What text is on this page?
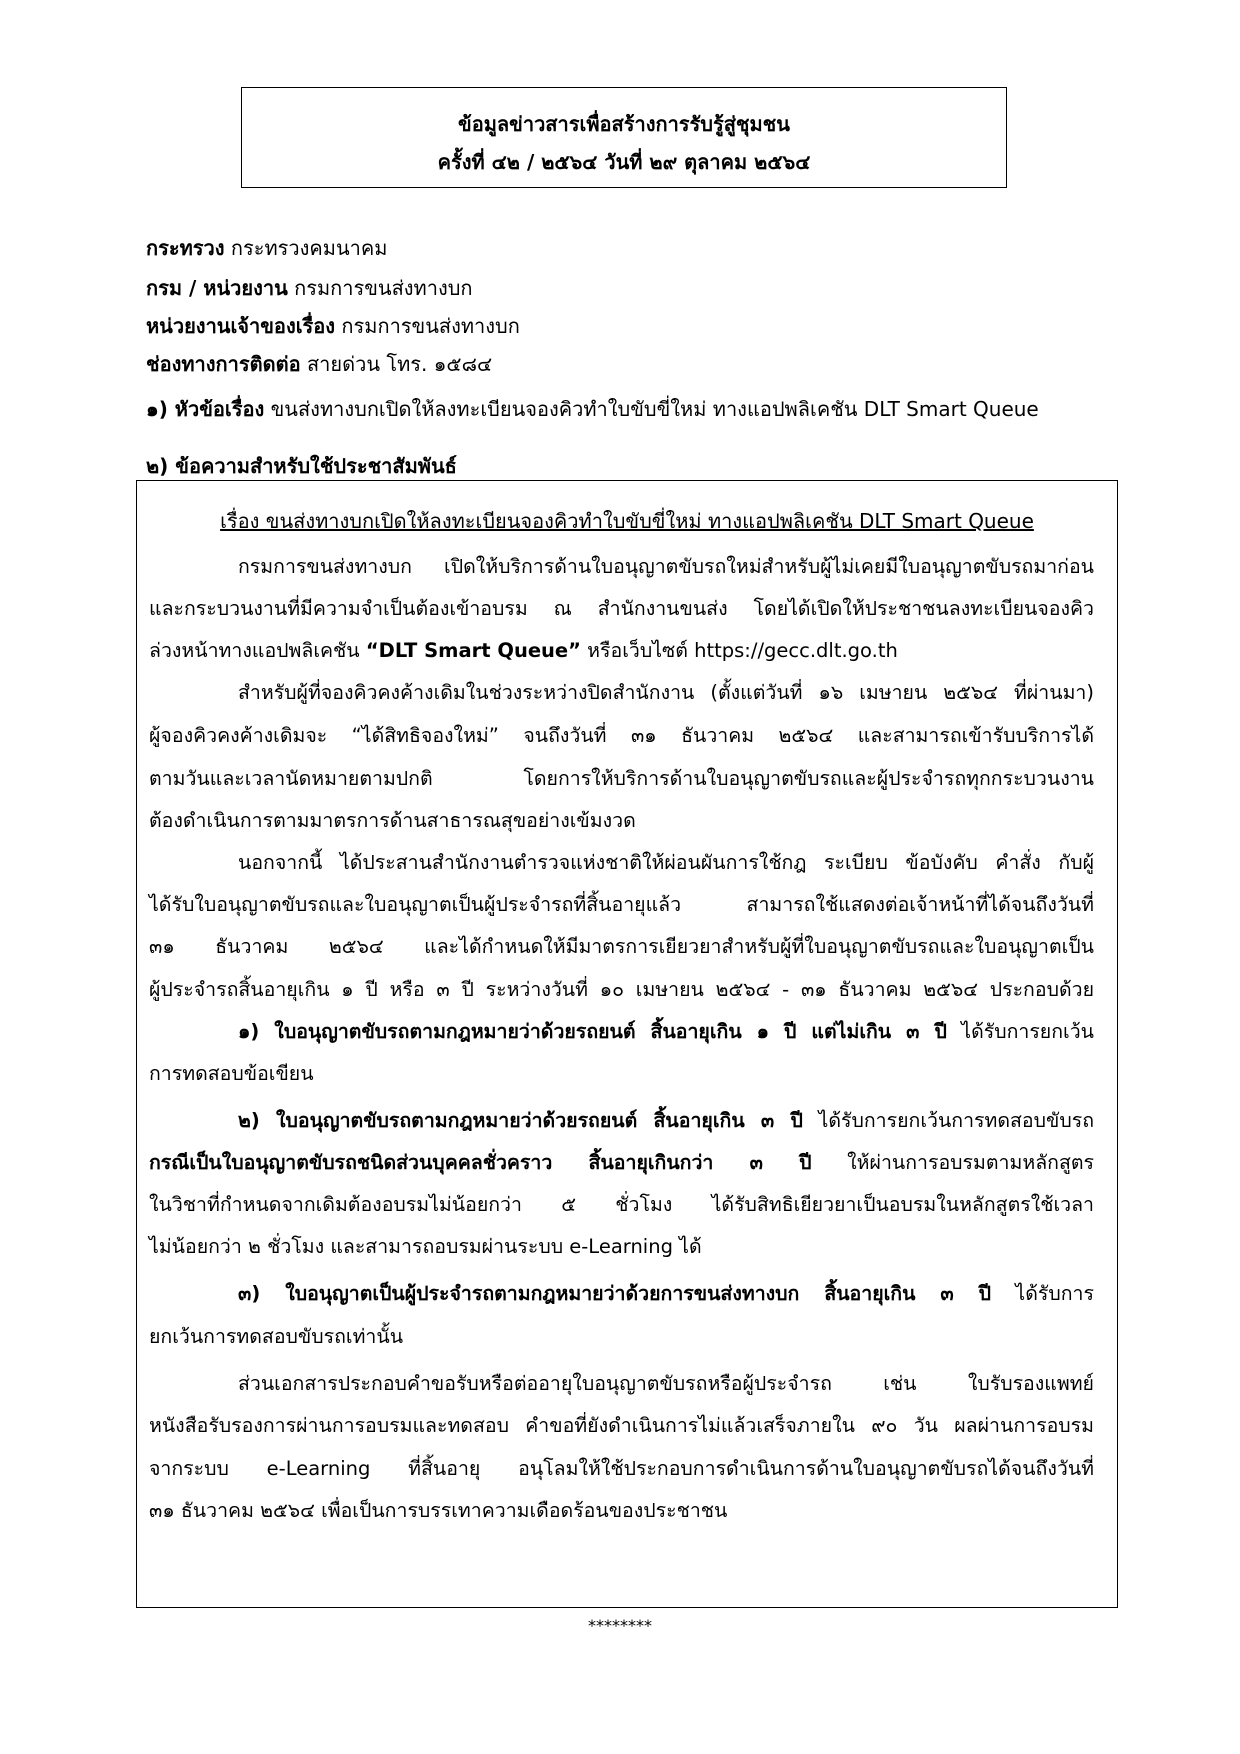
ข้อมูลข่าวสารเพื่อสร้างการรับรู้สู่ชุมชน
ครั้งที่ ๔๒ / ๒๕๖๔ วันที่ ๒๙ ตุลาคม ๒๕๖๔
กระทรวง กระทรวงคมนาคม
กรม / หน่วยงาน กรมการขนส่งทางบก
หน่วยงานเจ้าของเรื่อง กรมการขนส่งทางบก
ช่องทางการติดต่อ สายด่วน โทร. ๑๕๘๔
๑) หัวข้อเรื่อง ขนส่งทางบกเปิดให้ลงทะเบียนจองคิวทำใบขับขี่ใหม่ ทางแอปพลิเคชัน DLT Smart Queue
๒) ข้อความสำหรับใช้ประชาสัมพันธ์
เรื่อง ขนส่งทางบกเปิดให้ลงทะเบียนจองคิวทำใบขับขี่ใหม่ ทางแอปพลิเคชัน DLT Smart Queue
กรมการขนส่งทางบก เปิดให้บริการด้านใบอนุญาตขับรถใหม่สำหรับผู้ไม่เคยมีใบอนุญาตขับรถมาก่อน
และกระบวนงานที่มีความจำเป็นต้องเข้าอบรม ณ สำนักงานขนส่ง โดยได้เปิดให้ประชาชนลงทะเบียนจองคิว
ล่วงหน้าทางแอปพลิเคชัน “DLT Smart Queue” หรือเว็บไซต์ https://gecc.dlt.go.th
สำหรับผู้ที่จองคิวคงค้างเดิมในช่วงระหว่างปิดสำนักงาน (ตั้งแต่วันที่ ๑๖ เมษายน ๒๕๖๔ ที่ผ่านมา)
ผู้จองคิวคงค้างเดิมจะ “ได้สิทธิจองใหม่” จนถึงวันที่ ๓๑ ธันวาคม ๒๕๖๔ และสามารถเข้ารับบริการได้
ตามวันและเวลานัดหมายตามปกติ โดยการให้บริการด้านใบอนุญาตขับรถและผู้ประจำรถทุกกระบวนงาน
ต้องดำเนินการตามมาตรการด้านสาธารณสุขอย่างเข้มงวด
นอกจากนี้ ได้ประสานสำนักงานตำรวจแห่งชาติให้ผ่อนผันการใช้กฎ ระเบียบ ข้อบังคับ คำสั่ง กับผู้
ได้รับใบอนุญาตขับรถและใบอนุญาตเป็นผู้ประจำรถที่สิ้นอายุแล้ว สามารถใช้แสดงต่อเจ้าหน้าที่ได้จนถึงวันที่
๓๑ ธันวาคม ๒๕๖๔ และได้กำหนดให้มีมาตรการเยียวยาสำหรับผู้ที่ใบอนุญาตขับรถและใบอนุญาตเป็น
ผู้ประจำรถสิ้นอายุเกิน ๑ ปี หรือ ๓ ปี ระหว่างวันที่ ๑๐ เมษายน ๒๕๖๔ - ๓๑ ธันวาคม ๒๕๖๔ ประกอบด้วย
๑) ใบอนุญาตขับรถตามกฎหมายว่าด้วยรถยนต์ สิ้นอายุเกิน ๑ ปี แต่ไม่เกิน ๓ ปี ได้รับการยกเว้น
การทดสอบข้อเขียน
๒) ใบอนุญาตขับรถตามกฎหมายว่าด้วยรถยนต์ สิ้นอายุเกิน ๓ ปี ได้รับการยกเว้นการทดสอบขับรถ
กรณีเป็นใบอนุญาตขับรถชนิดส่วนบุคคลชั่วคราว สิ้นอายุเกินกว่า ๓ ปี ให้ผ่านการอบรมตามหลักสูตร
ในวิชาที่กำหนดจากเดิมต้องอบรมไม่น้อยกว่า ๕ ชั่วโมง ได้รับสิทธิเยียวยาเป็นอบรมในหลักสูตรใช้เวลา
ไม่น้อยกว่า ๒ ชั่วโมง และสามารถอบรมผ่านระบบ e-Learning ได้
๓) ใบอนุญาตเป็นผู้ประจำรถตามกฎหมายว่าด้วยการขนส่งทางบก สิ้นอายุเกิน ๓ ปี ได้รับการ
ยกเว้นการทดสอบขับรถเท่านั้น
ส่วนเอกสารประกอบคำขอรับหรือต่ออายุใบอนุญาตขับรถหรือผู้ประจำรถ เช่น ใบรับรองแพทย์
หนังสือรับรองการผ่านการอบรมและทดสอบ คำขอที่ยังดำเนินการไม่แล้วเสร็จภายใน ๙๐ วัน ผลผ่านการอบรม
จากระบบ e-Learning ที่สิ้นอายุ อนุโลมให้ใช้ประกอบการดำเนินการด้านใบอนุญาตขับรถได้จนถึงวันที่
๓๑ ธันวาคม ๒๕๖๔ เพื่อเป็นการบรรเทาความเดือดร้อนของประชาชน
********
